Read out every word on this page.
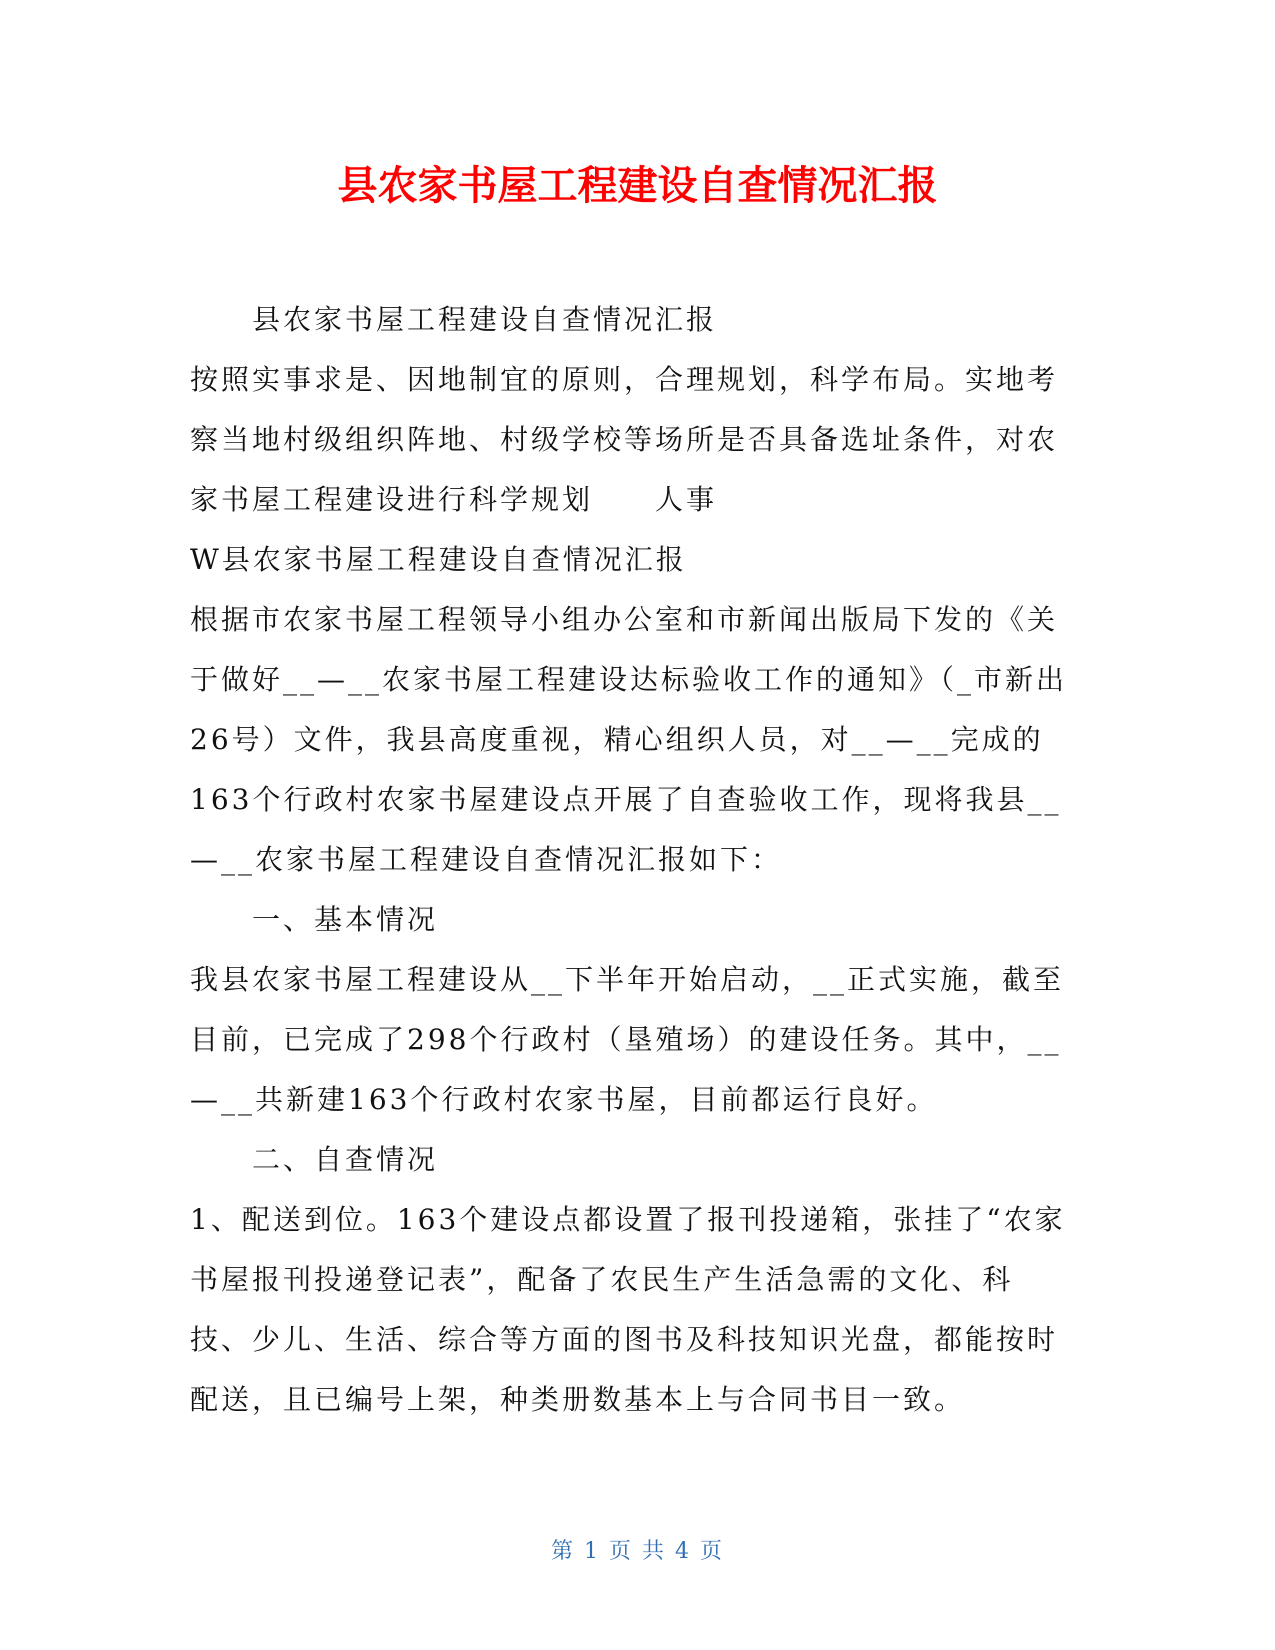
县农家书屋工程建设自查情况汇报

县农家书屋工程建设自查情况汇报

按照实事求是、因地制宜的原则，合理规划，科学布局。实地考察当地村级组织阵地、村级学校等场所是否具备选址条件，对农家书屋工程建设进行科学规划　　人事

W县农家书屋工程建设自查情况汇报

根据市农家书屋工程领导小组办公室和市新闻出版局下发的《关于做好__—__农家书屋工程建设达标验收工作的通知》（_市新出26号）文件，我县高度重视，精心组织人员，对__—__完成的163个行政村农家书屋建设点开展了自查验收工作，现将我县__—__农家书屋工程建设自查情况汇报如下：

一、基本情况

我县农家书屋工程建设从__下半年开始启动，__正式实施，截至目前，已完成了298个行政村（垦殖场）的建设任务。其中，__—__共新建163个行政村农家书屋，目前都运行良好。

二、自查情况

1、配送到位。163个建设点都设置了报刊投递箱，张挂了“农家书屋报刊投递登记表”，配备了农民生产生活急需的文化、科技、少儿、生活、综合等方面的图书及科技知识光盘，都能按时配送，且已编号上架，种类册数基本上与合同书目一致。

第 1 页 共 4 页
